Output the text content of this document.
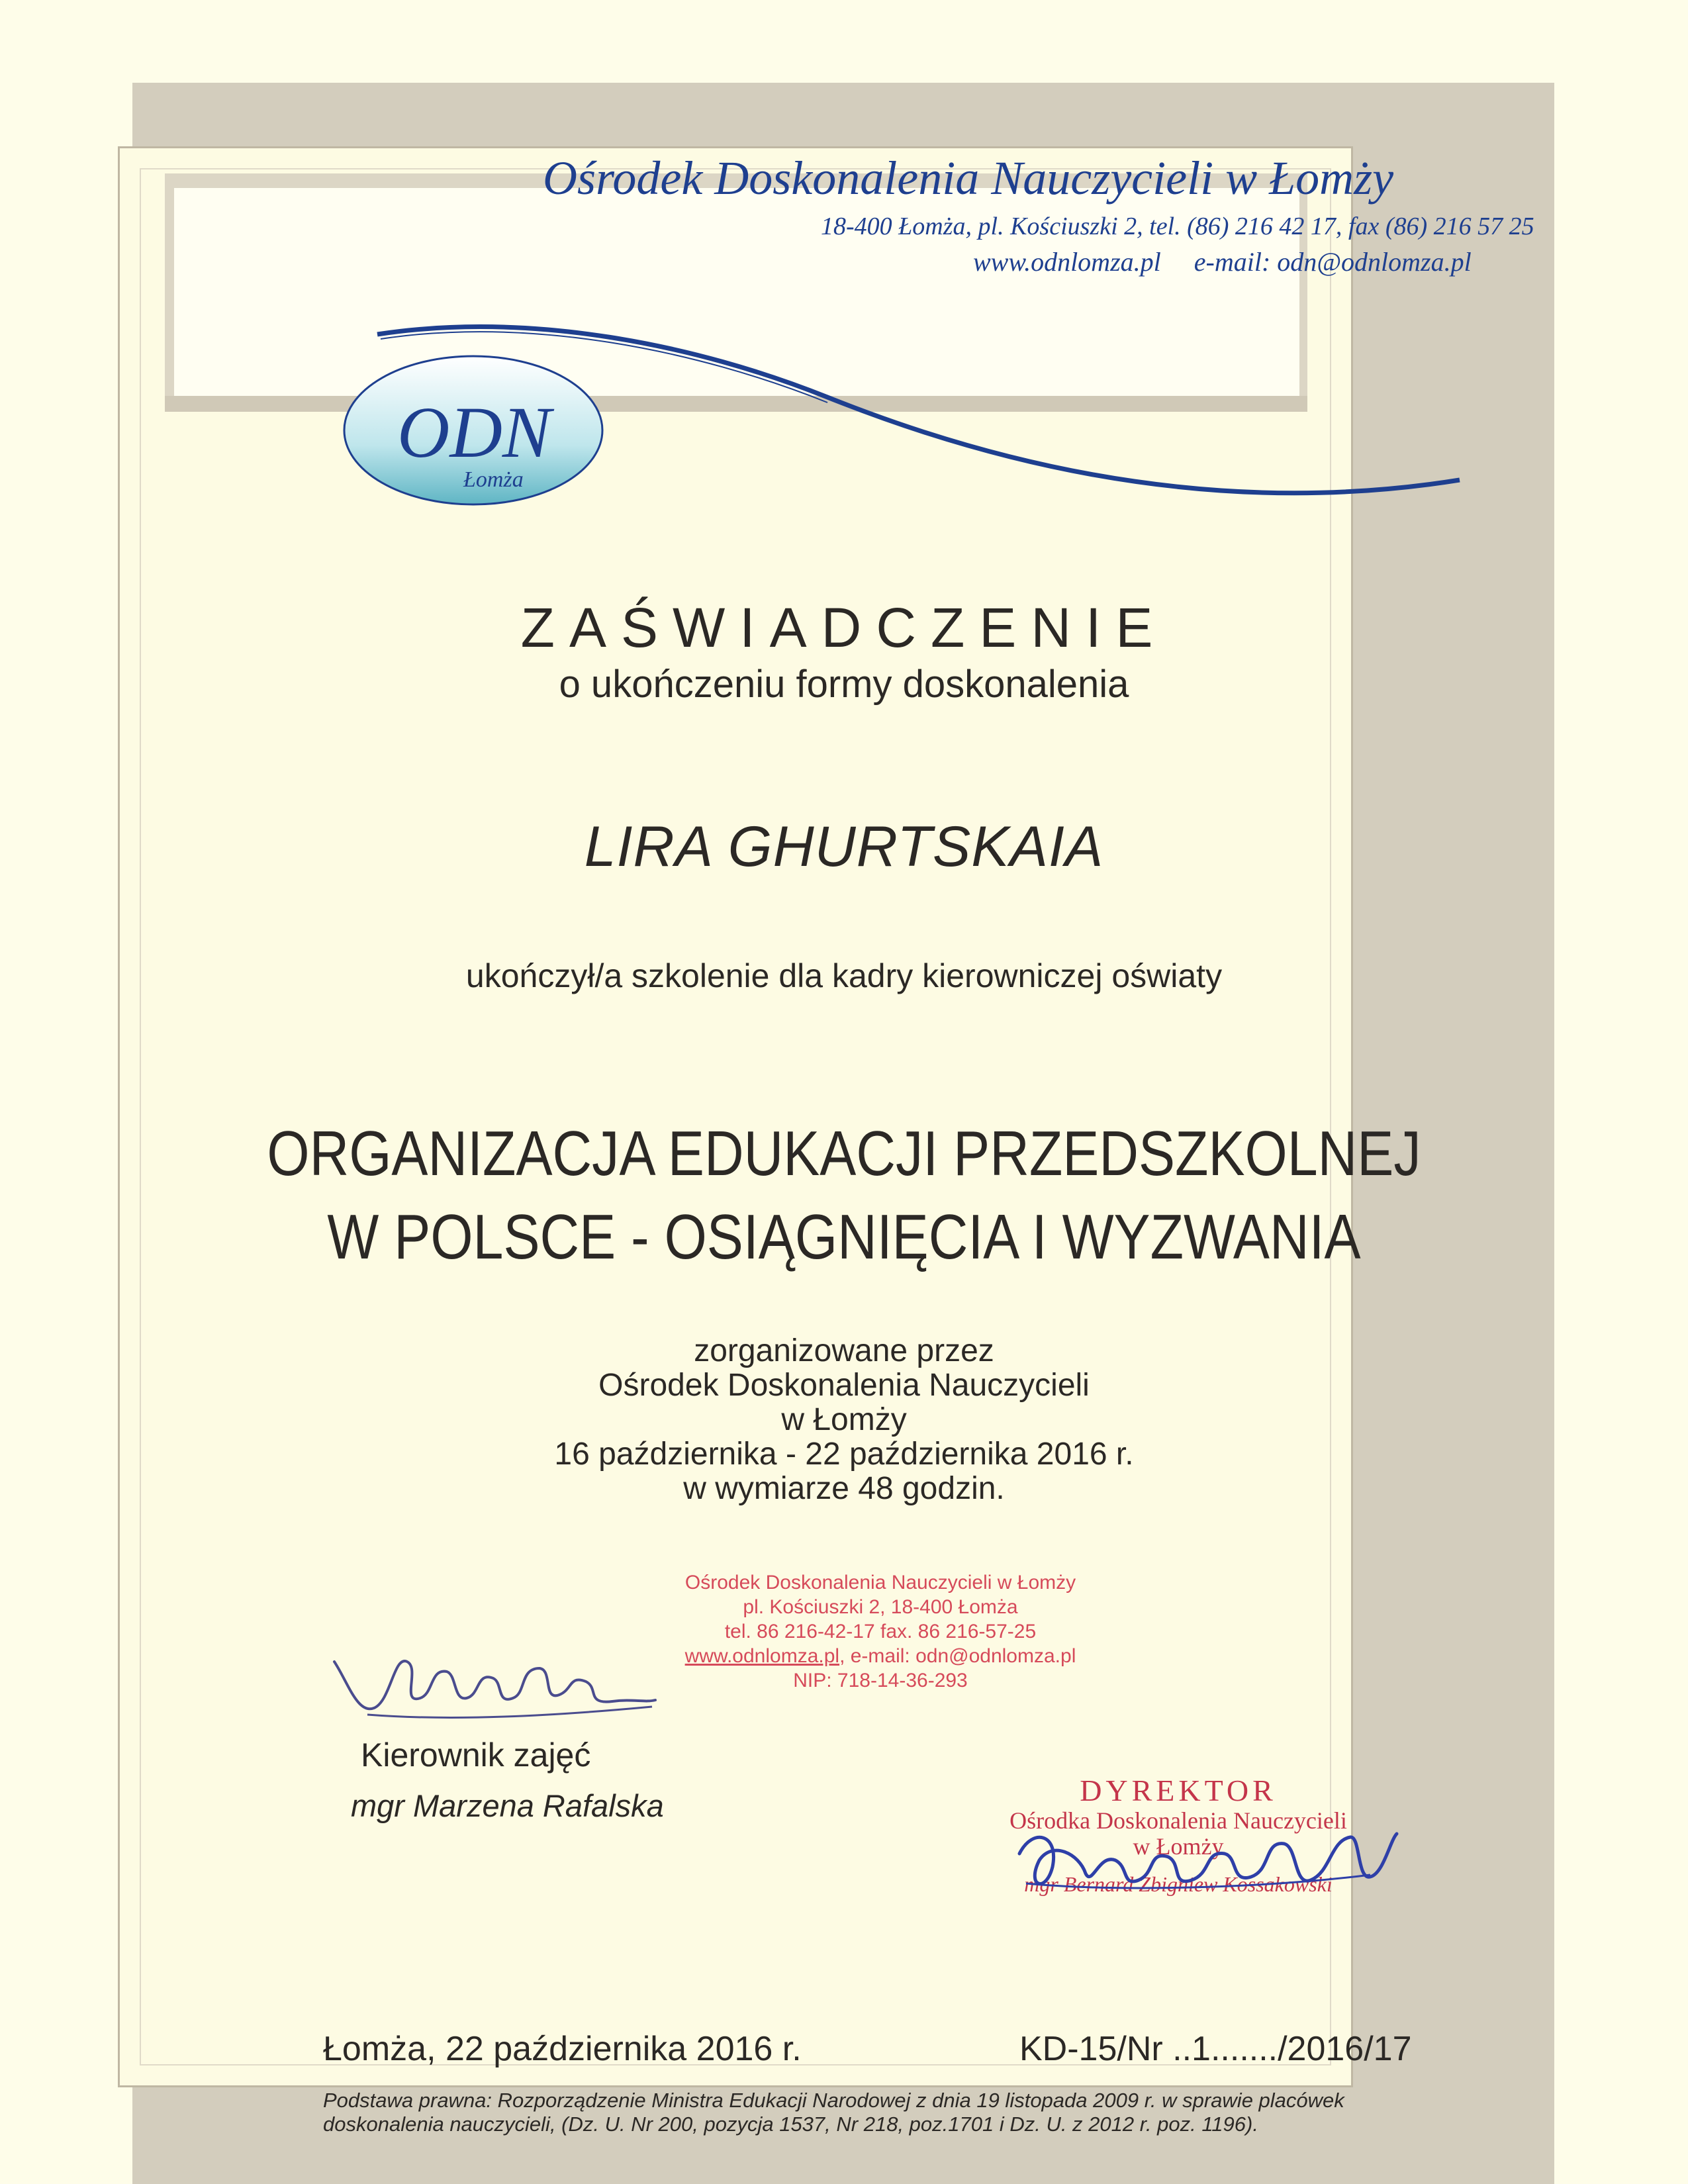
ODN
Łomża
Ośrodek Doskonalenia Nauczycieli w Łomży
18-400 Łomża, pl. Kościuszki 2, tel. (86) 216 42 17, fax (86) 216 57 25
www.odnlomza.pl e-mail: odn@odnlomza.pl
ZAŚWIADCZENIE
o ukończeniu formy doskonalenia
LIRA GHURTSKAIA
ukończył/a szkolenie dla kadry kierowniczej oświaty
ORGANIZACJA EDUKACJI PRZEDSZKOLNEJ
W POLSCE - OSIĄGNIĘCIA I WYZWANIA
zorganizowane przez
Ośrodek Doskonalenia Nauczycieli
w Łomży
16 października - 22 października 2016 r.
w wymiarze 48 godzin.
Ośrodek Doskonalenia Nauczycieli w Łomży
pl. Kościuszki 2, 18-400 Łomża
tel. 86 216-42-17 fax. 86 216-57-25
www.odnlomza.pl, e-mail: odn@odnlomza.pl
NIP: 718-14-36-293
Kierownik zajęć
mgr Marzena Rafalska	DYREKTOR
Ośrodka Doskonalenia Nauczycieli
w Łomży
mgr Bernard Zbigniew Kossakowski
Łomża, 22 października 2016 r.	KD-15/Nr ..1......./2016/17
Podstawa prawna: Rozporządzenie Ministra Edukacji Narodowej z dnia 19 listopada 2009 r. w sprawie placówek doskonalenia nauczycieli, (Dz. U. Nr 200, pozycja 1537, Nr 218, poz.1701 i Dz. U. z 2012 r. poz. 1196).
